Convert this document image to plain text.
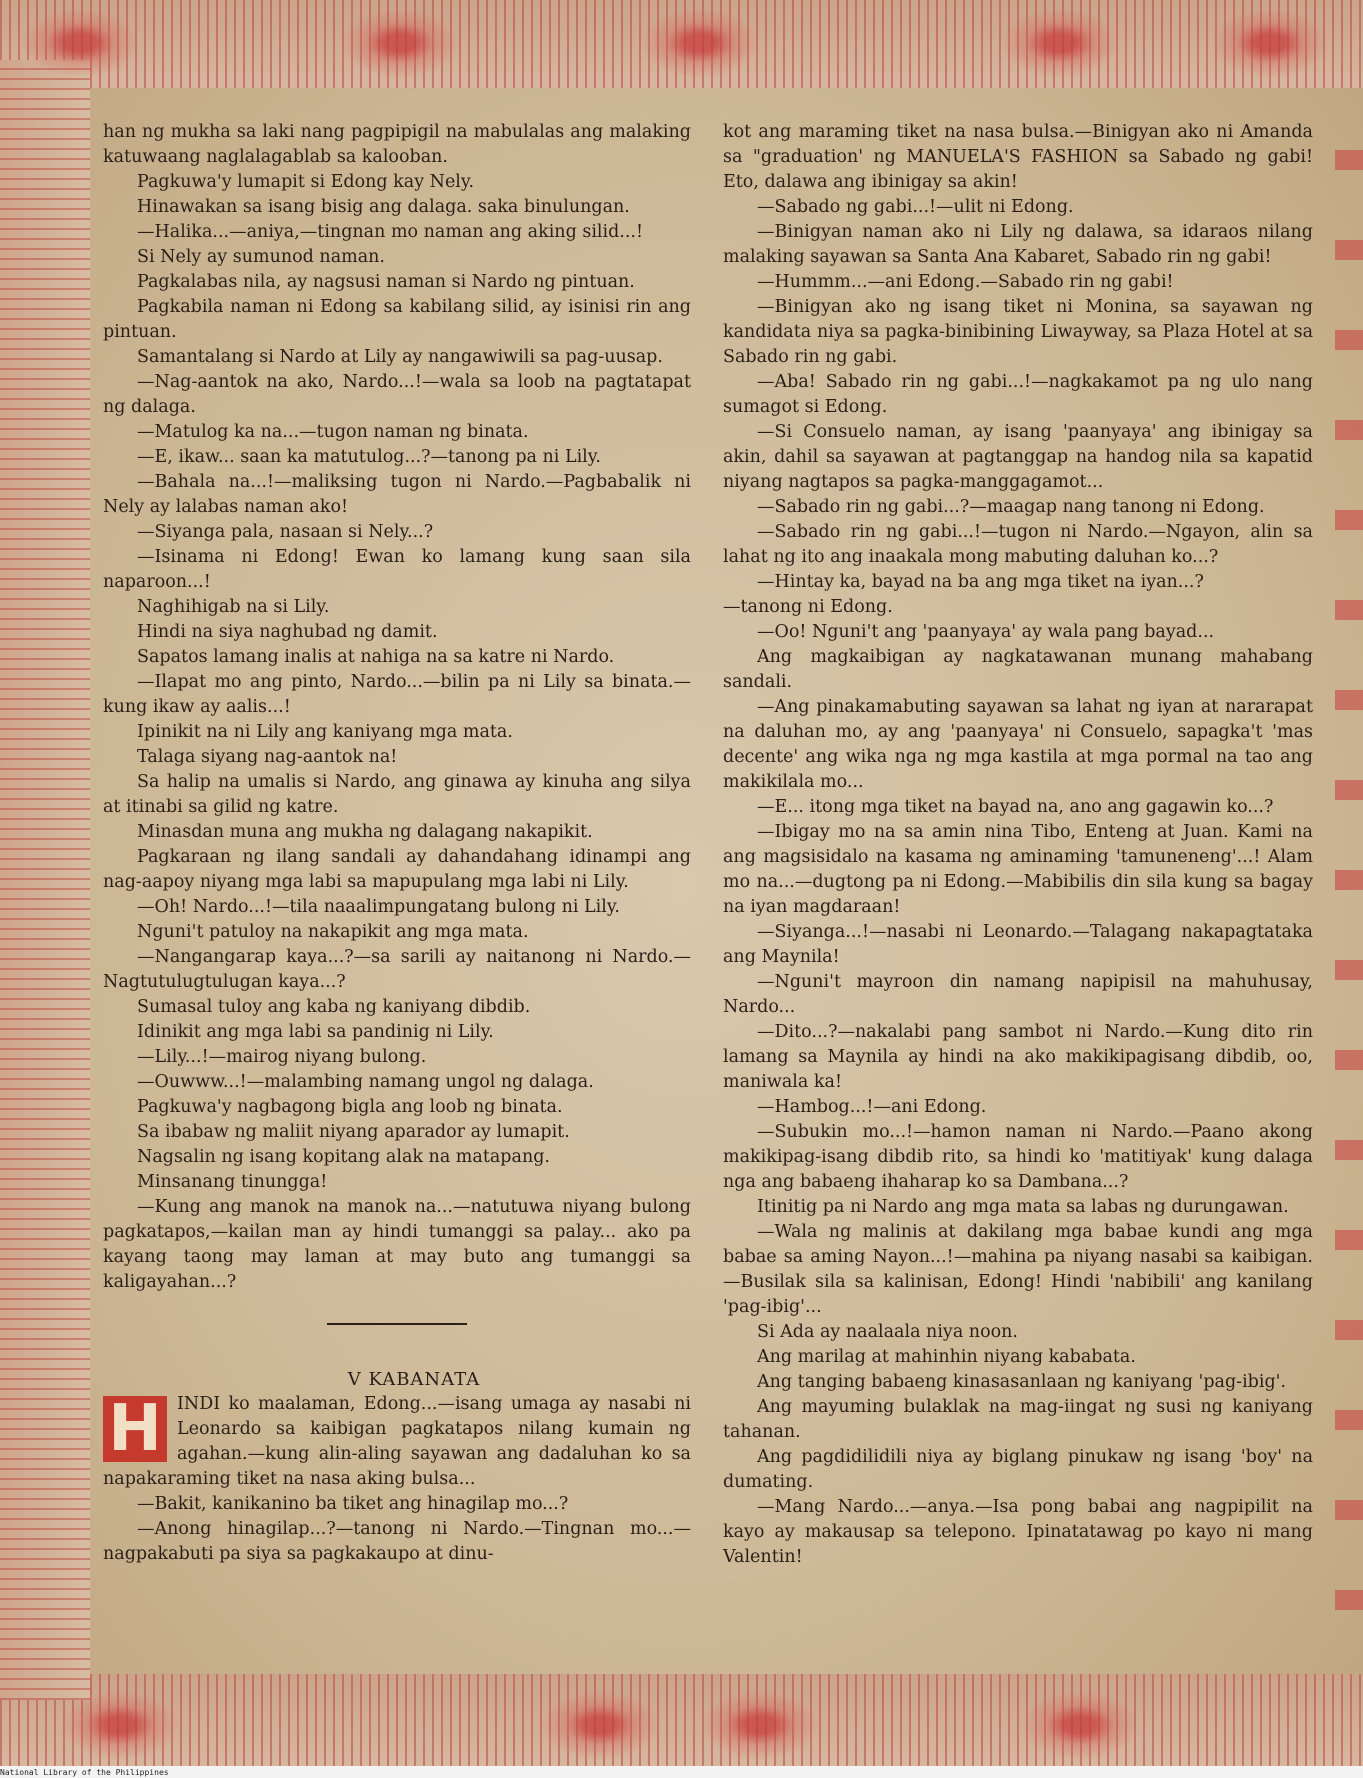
han ng mukha sa laki nang pagpipigil na mabulalas ang malaking katuwaang naglalagablab sa kalooban.

Pagkuwa'y lumapit si Edong kay Nely.

Hinawakan sa isang bisig ang dalaga. saka binulungan.

—Halika...—aniya,—tingnan mo naman ang aking silid...!

Si Nely ay sumunod naman.

Pagkalabas nila, ay nagsusi naman si Nardo ng pintuan.

Pagkabila naman ni Edong sa kabilang silid, ay isinisi rin ang pintuan.

Samantalang si Nardo at Lily ay nangawiwili sa pag-uusap.

—Nag-aantok na ako, Nardo...!—wala sa loob na pagtatapat ng dalaga.

—Matulog ka na...—tugon naman ng binata.

—E, ikaw... saan ka matutulog...?—tanong pa ni Lily.

—Bahala na...!—maliksing tugon ni Nardo.—Pagbabalik ni Nely ay lalabas naman ako!

—Siyanga pala, nasaan si Nely...?

—Isinama ni Edong! Ewan ko lamang kung saan sila naparoon...!

Naghihigab na si Lily.

Hindi na siya naghubad ng damit.

Sapatos lamang inalis at nahiga na sa katre ni Nardo.

—Ilapat mo ang pinto, Nardo...—bilin pa ni Lily sa binata.—kung ikaw ay aalis...!

Ipinikit na ni Lily ang kaniyang mga mata.

Talaga siyang nag-aantok na!

Sa halip na umalis si Nardo, ang ginawa ay kinuha ang silya at itinabi sa gilid ng katre.

Minasdan muna ang mukha ng dalagang nakapikit.

Pagkaraan ng ilang sandali ay dahandahang idinampi ang nag-aapoy niyang mga labi sa mapupulang mga labi ni Lily.

—Oh! Nardo...!—tila naaalimpungatang bulong ni Lily.

Nguni't patuloy na nakapikit ang mga mata.

—Nangangarap kaya...?—sa sarili ay naitanong ni Nardo.—Nagtutulugtulugan kaya...?

Sumasal tuloy ang kaba ng kaniyang dibdib.

Idinikit ang mga labi sa pandinig ni Lily.

—Lily...!—mairog niyang bulong.

—Ouwww...!—malambing namang ungol ng dalaga.

Pagkuwa'y nagbagong bigla ang loob ng binata.

Sa ibabaw ng maliit niyang aparador ay lumapit.

Nagsalin ng isang kopitang alak na matapang.

Minsanang tinungga!

—Kung ang manok na manok na...—natutuwa niyang bulong pagkatapos,—kailan man ay hindi tumanggi sa palay... ako pa kayang taong may laman at may buto ang tumanggi sa kaligayahan...?

V KABANATA

H INDI ko maalaman, Edong...—isang umaga ay nasabi ni Leonardo sa kaibigan pagkatapos nilang kumain ng agahan.—kung alin-aling sayawan ang dadaluhan ko sa napakaraming tiket na nasa aking bulsa...

—Bakit, kanikanino ba tiket ang hinagilap mo...?

—Anong hinagilap...?—tanong ni Nardo.—Tingnan mo...—nagpakabuti pa siya sa pagkakaupo at dinu-

kot ang maraming tiket na nasa bulsa.—Binigyan ako ni Amanda sa "graduation' ng MANUELA'S FASHION sa Sabado ng gabi! Eto, dalawa ang ibinigay sa akin!

—Sabado ng gabi...!—ulit ni Edong.

—Binigyan naman ako ni Lily ng dalawa, sa idaraos nilang malaking sayawan sa Santa Ana Kabaret, Sabado rin ng gabi!

—Hummm...—ani Edong.—Sabado rin ng gabi!

—Binigyan ako ng isang tiket ni Monina, sa sayawan ng kandidata niya sa pagka-binibining Liwayway, sa Plaza Hotel at sa Sabado rin ng gabi.

—Aba! Sabado rin ng gabi...!—nagkakamot pa ng ulo nang sumagot si Edong.

—Si Consuelo naman, ay isang 'paanyaya' ang ibinigay sa akin, dahil sa sayawan at pagtanggap na handog nila sa kapatid niyang nagtapos sa pagka-manggagamot...

—Sabado rin ng gabi...?—maagap nang tanong ni Edong.

—Sabado rin ng gabi...!—tugon ni Nardo.—Ngayon, alin sa lahat ng ito ang inaakala mong mabuting daluhan ko...?

—Hintay ka, bayad na ba ang mga tiket na iyan...?

—tanong ni Edong.

—Oo! Nguni't ang 'paanyaya' ay wala pang bayad...

Ang magkaibigan ay nagkatawanan munang mahabang sandali.

—Ang pinakamabuting sayawan sa lahat ng iyan at nararapat na daluhan mo, ay ang 'paanyaya' ni Consuelo, sapagka't 'mas decente' ang wika nga ng mga kastila at mga pormal na tao ang makikilala mo...

—E... itong mga tiket na bayad na, ano ang gagawin ko...?

—Ibigay mo na sa amin nina Tibo, Enteng at Juan. Kami na ang magsisidalo na kasama ng aminaming 'tamuneneng'...! Alam mo na...—dugtong pa ni Edong.—Mabibilis din sila kung sa bagay na iyan magdaraan!

—Siyanga...!—nasabi ni Leonardo.—Talagang nakapagtataka ang Maynila!

—Nguni't mayroon din namang napipisil na mahuhusay, Nardo...

—Dito...?—nakalabi pang sambot ni Nardo.—Kung dito rin lamang sa Maynila ay hindi na ako makikipagisang dibdib, oo, maniwala ka!

—Hambog...!—ani Edong.

—Subukin mo...!—hamon naman ni Nardo.—Paano akong makikipag-isang dibdib rito, sa hindi ko 'matitiyak' kung dalaga nga ang babaeng ihaharap ko sa Dambana...?

Itinitig pa ni Nardo ang mga mata sa labas ng durungawan.

—Wala ng malinis at dakilang mga babae kundi ang mga babae sa aming Nayon...!—mahina pa niyang nasabi sa kaibigan.—Busilak sila sa kalinisan, Edong! Hindi 'nabibili' ang kanilang 'pag-ibig'...

Si Ada ay naalaala niya noon.

Ang marilag at mahinhin niyang kababata.

Ang tanging babaeng kinasasanlaan ng kaniyang 'pag-ibig'.

Ang mayuming bulaklak na mag-iingat ng susi ng kaniyang tahanan.

Ang pagdidilidili niya ay biglang pinukaw ng isang 'boy' na dumating.

—Mang Nardo...—anya.—Isa pong babai ang nagpipilit na kayo ay makausap sa telepono. Ipinatatawag po kayo ni mang Valentin!

National Library of the Philippines
